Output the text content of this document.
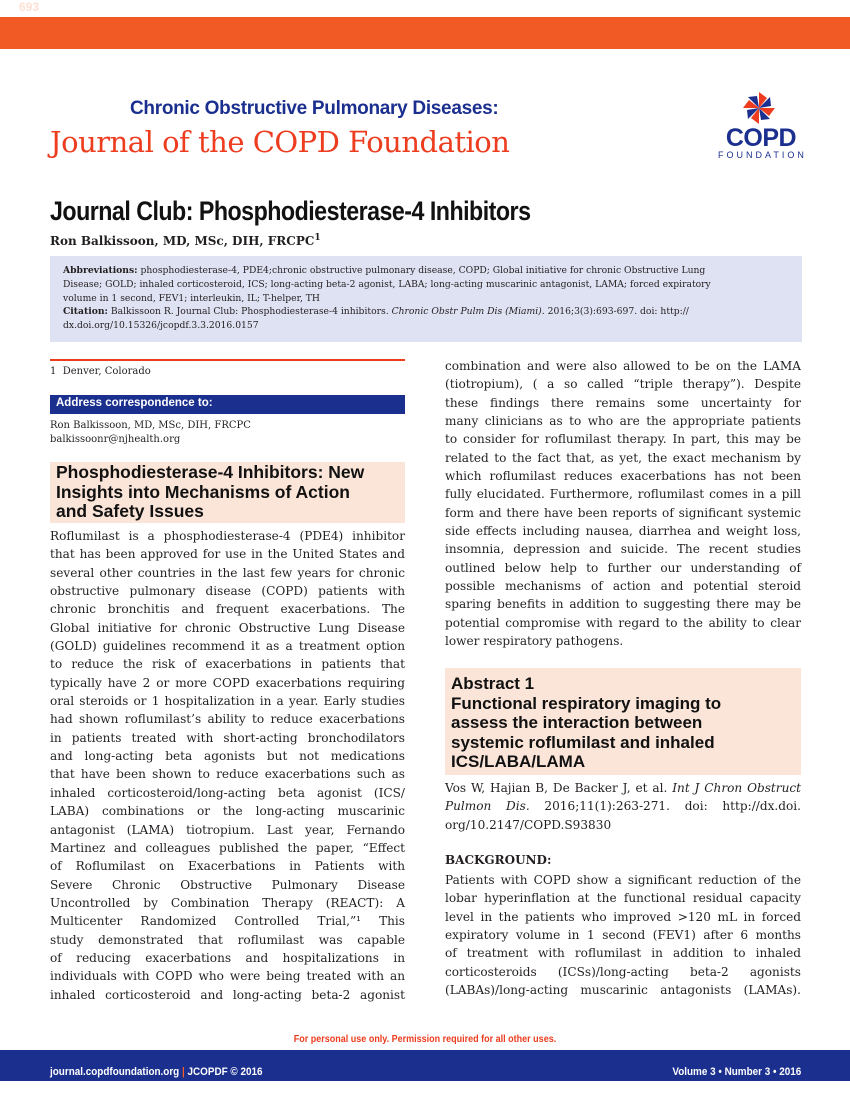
693
Chronic Obstructive Pulmonary Diseases:
Journal of the COPD Foundation	COPD
FOUNDATION
Journal Club: Phosphodiesterase-4 Inhibitors
Ron Balkissoon, MD, MSc, DIH, FRCPC$^1$
Abbreviations: phosphodiesterase-4, PDE4;chronic obstructive pulmonary disease, COPD; Global initiative for chronic Obstructive Lung
Disease; GOLD; inhaled corticosteroid, ICS; long-acting beta-2 agonist, LABA; long-acting muscarinic antagonist, LAMA; forced expiratory
volume in 1 second, FEV1; interleukin, IL; T-helper, TH
Citation: Balkissoon R. Journal Club: Phosphodiesterase-4 inhibitors. Chronic Obstr Pulm Dis (Miami). 2016;3(3):693-697. doi: http://
dx.doi.org/10.15326/jcopdf.3.3.2016.0157
1 Denver, Colorado
Address correspondence to:
Ron Balkissoon, MD, MSc, DIH, FRCPC
balkissoonr@njhealth.org
Phosphodiesterase-4 Inhibitors: New
Insights into Mechanisms of Action
and Safety Issues
Roflumilast is a phosphodiesterase-4 (PDE4) inhibitor
that has been approved for use in the United States and
several other countries in the last few years for chronic
obstructive pulmonary disease (COPD) patients with
chronic bronchitis and frequent exacerbations. The
Global initiative for chronic Obstructive Lung Disease
(GOLD) guidelines recommend it as a treatment option
to reduce the risk of exacerbations in patients that
typically have 2 or more COPD exacerbations requiring
oral steroids or 1 hospitalization in a year. Early studies
had shown roflumilast’s ability to reduce exacerbations
in patients treated with short-acting bronchodilators
and long-acting beta agonists but not medications
that have been shown to reduce exacerbations such as
inhaled corticosteroid/long-acting beta agonist (ICS/
LABA) combinations or the long-acting muscarinic
antagonist (LAMA) tiotropium. Last year, Fernando
Martinez and colleagues published the paper, “Effect
of Roflumilast on Exacerbations in Patients with
Severe Chronic Obstructive Pulmonary Disease
Uncontrolled by Combination Therapy (REACT): A
Multicenter Randomized Controlled Trial,”¹ This
study demonstrated that roflumilast was capable
of reducing exacerbations and hospitalizations in
individuals with COPD who were being treated with an
inhaled corticosteroid and long-acting beta-2 agonist
combination and were also allowed to be on the LAMA
(tiotropium), ( a so called “triple therapy”). Despite
these findings there remains some uncertainty for
many clinicians as to who are the appropriate patients
to consider for roflumilast therapy. In part, this may be
related to the fact that, as yet, the exact mechanism by
which roflumilast reduces exacerbations has not been
fully elucidated. Furthermore, roflumilast comes in a pill
form and there have been reports of significant systemic
side effects including nausea, diarrhea and weight loss,
insomnia, depression and suicide. The recent studies
outlined below help to further our understanding of
possible mechanisms of action and potential steroid
sparing benefits in addition to suggesting there may be
potential compromise with regard to the ability to clear
lower respiratory pathogens.
Abstract 1
Functional respiratory imaging to
assess the interaction between
systemic roflumilast and inhaled
ICS/LABA/LAMA
Vos W, Hajian B, De Backer J, et al. Int J Chron Obstruct
Pulmon Dis. 2016;11(1):263-271. doi: http://dx.doi.
org/10.2147/COPD.S93830
BACKGROUND:
Patients with COPD show a significant reduction of the
lobar hyperinflation at the functional residual capacity
level in the patients who improved >120 mL in forced
expiratory volume in 1 second (FEV1) after 6 months
of treatment with roflumilast in addition to inhaled
corticosteroids (ICSs)/long-acting beta-2 agonists
(LABAs)/long-acting muscarinic antagonists (LAMAs).
For personal use only. Permission required for all other uses.
journal.copdfoundation.org | JCOPDF © 2016	Volume 3 • Number 3 • 2016
